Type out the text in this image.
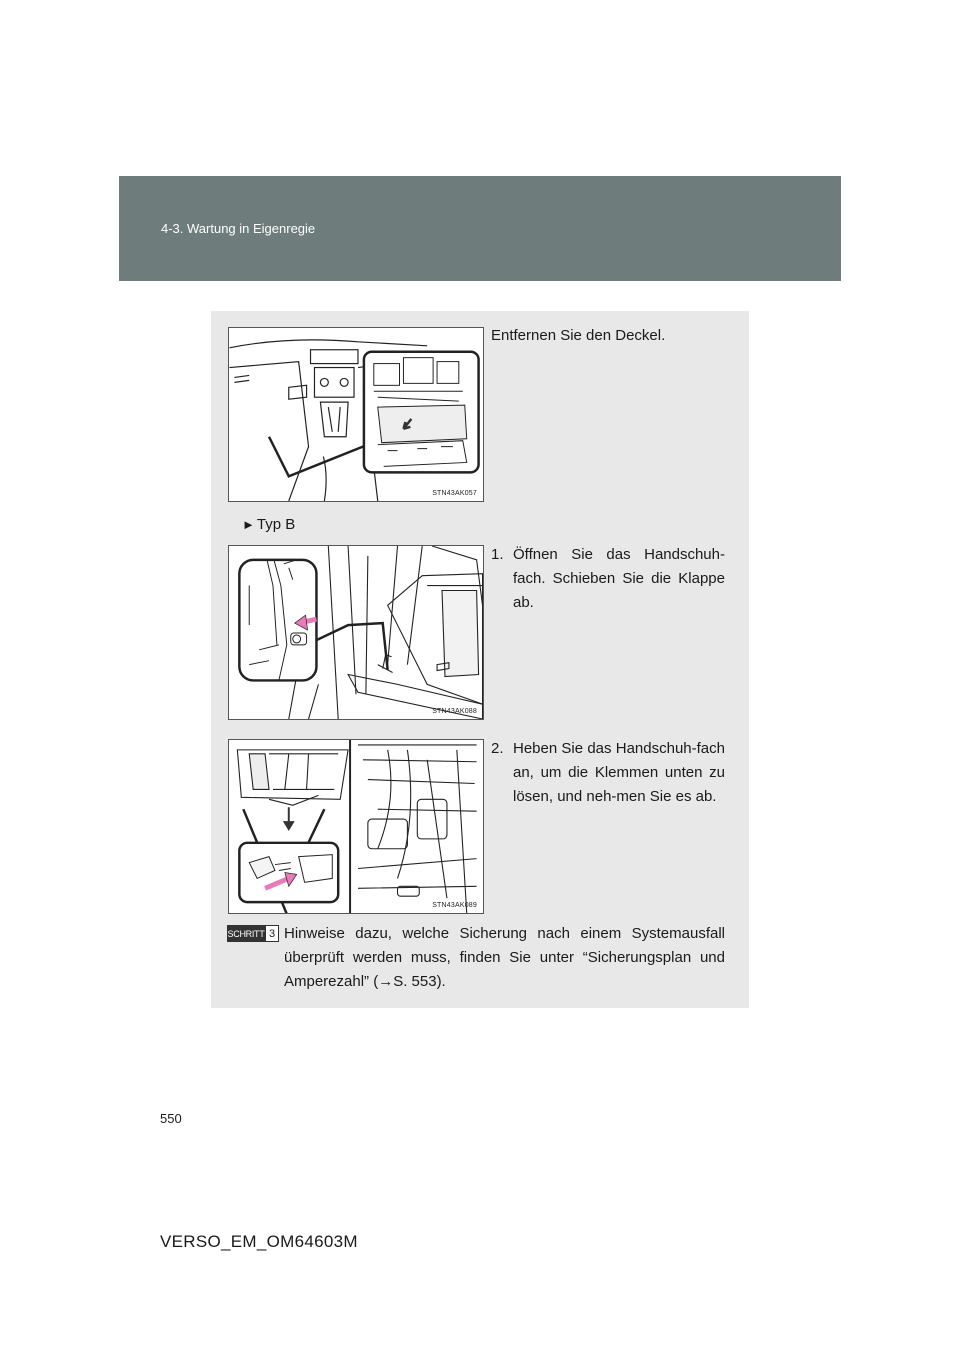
4-3. Wartung in Eigenregie
STN43AK057
Entfernen Sie den Deckel.
► Typ B
STN43AK088
1. Öffnen Sie das Handschuh-fach. Schieben Sie die Klappe ab.
STN43AK089
2. Heben Sie das Handschuh-fach an, um die Klemmen unten zu lösen, und neh-men Sie es ab.
SCHRITT 3 Hinweise dazu, welche Sicherung nach einem Systemausfall überprüft werden muss, finden Sie unter “Sicherungsplan und Amperezahl” (→S. 553).
550
VERSO_EM_OM64603M
